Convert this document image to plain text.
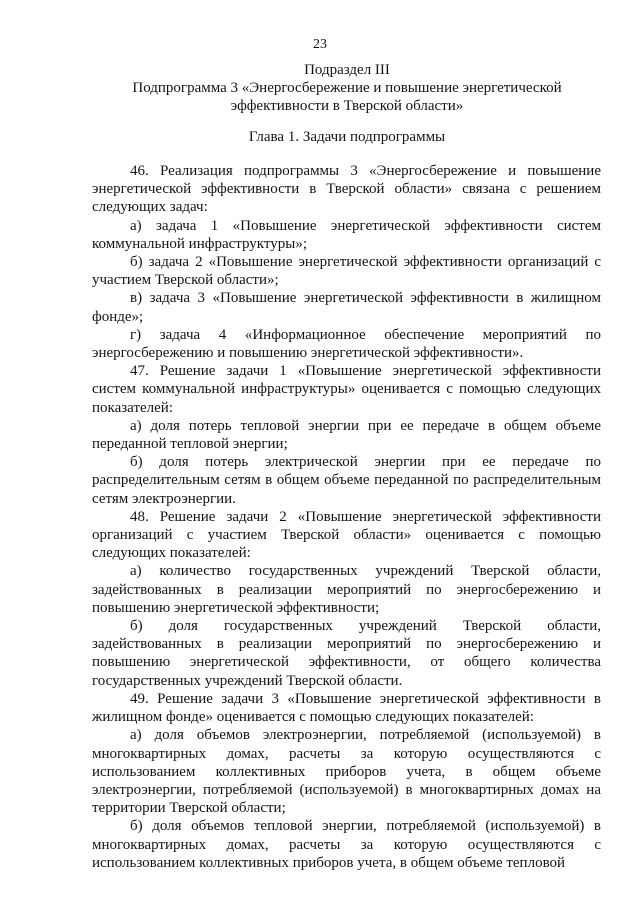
23
Подраздел III
Подпрограмма 3 «Энергосбережение и повышение энергетической
эффективности в Тверской области»
Глава 1. Задачи подпрограммы

46. Реализация подпрограммы 3 «Энергосбережение и повышение энергетической эффективности в Тверской области» связана с решением следующих задач:

а) задача 1 «Повышение энергетической эффективности систем коммунальной инфраструктуры»;

б) задача 2 «Повышение энергетической эффективности организаций с участием Тверской области»;

в) задача 3 «Повышение энергетической эффективности в жилищном фонде»;

г) задача 4 «Информационное обеспечение мероприятий по энергосбережению и повышению энергетической эффективности».

47. Решение задачи 1 «Повышение энергетической эффективности систем коммунальной инфраструктуры» оценивается с помощью следующих показателей:

а) доля потерь тепловой энергии при ее передаче в общем объеме переданной тепловой энергии;

б) доля потерь электрической энергии при ее передаче по распределительным сетям в общем объеме переданной по распределительным сетям электроэнергии.

48. Решение задачи 2 «Повышение энергетической эффективности организаций с участием Тверской области» оценивается с помощью следующих показателей:

а) количество государственных учреждений Тверской области, задействованных в реализации мероприятий по энергосбережению и повышению энергетической эффективности;

б) доля государственных учреждений Тверской области, задействованных в реализации мероприятий по энергосбережению и повышению энергетической эффективности, от общего количества государственных учреждений Тверской области.

49. Решение задачи 3 «Повышение энергетической эффективности в жилищном фонде» оценивается с помощью следующих показателей:

а) доля объемов электроэнергии, потребляемой (используемой) в многоквартирных домах, расчеты за которую осуществляются с использованием коллективных приборов учета, в общем объеме электроэнергии, потребляемой (используемой) в многоквартирных домах на территории Тверской области;

б) доля объемов тепловой энергии, потребляемой (используемой) в многоквартирных домах, расчеты за которую осуществляются с использованием коллективных приборов учета, в общем объеме тепловой
